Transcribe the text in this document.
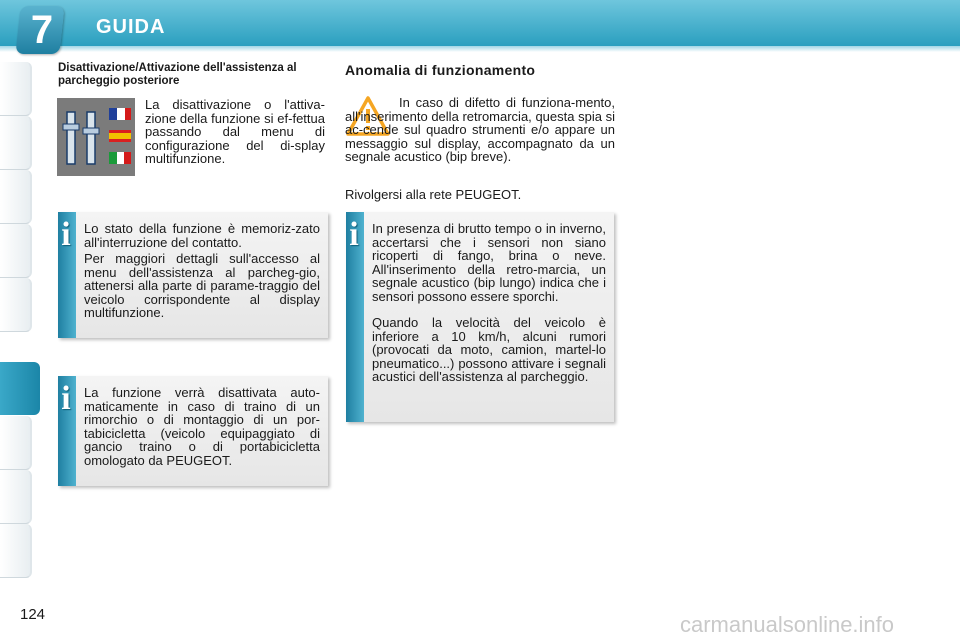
7	GUIDA
124
Disattivazione/Attivazione dell'assistenza al parcheggio posteriore

La disattivazione o l'attiva-zione della funzione si ef-fettua passando dal menu di configurazione del di-splay multifunzione.

i	Lo stato della funzione è memoriz-zato all'interruzione del contatto.

Per maggiori dettagli sull'accesso al menu dell'assistenza al parcheg-gio, attenersi alla parte di parame-traggio del veicolo corrispondente al display multifunzione.

i	La funzione verrà disattivata auto-maticamente in caso di traino di un rimorchio o di montaggio di un por-tabicicletta (veicolo equipaggiato di gancio traino o di portabicicletta omologato da PEUGEOT.

Anomalia di funzionamento

In caso di difetto di funziona-mento, all'inserimento della retromarcia, questa spia si ac-cende sul quadro strumenti e/o appare un messaggio sul display, accompagnato da un segnale acustico (bip breve).

Rivolgersi alla rete PEUGEOT.

i	In presenza di brutto tempo o in inverno, accertarsi che i sensori non siano ricoperti di fango, brina o neve. All'inserimento della retro-marcia, un segnale acustico (bip lungo) indica che i sensori possono essere sporchi.

Quando la velocità del veicolo è inferiore a 10 km/h, alcuni rumori (provocati da moto, camion, martel-lo pneumatico...) possono attivare i segnali acustici dell'assistenza al parcheggio.

carmanualsonline.info
